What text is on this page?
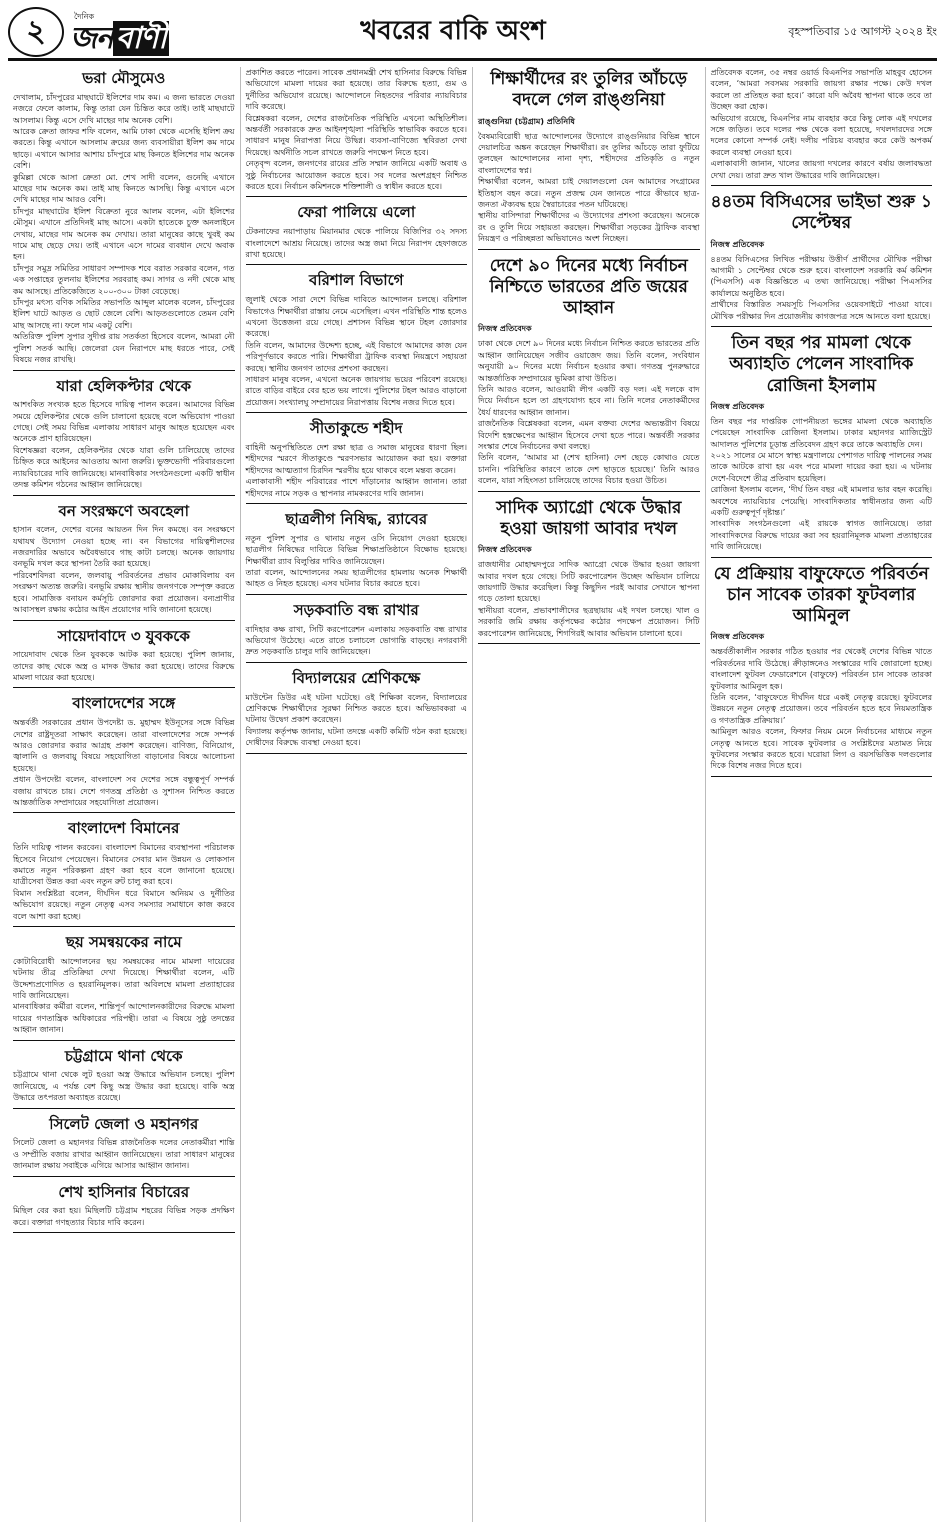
২	দৈনিক
জন বাণী	খবরের বাকি অংশ	বৃহস্পতিবার ১৫ আগস্ট ২০২৪ ইং
ভরা মৌসুমেও

দেখালাম, চাঁদপুরের মাছঘাটে ইলিশের দাম কম। এ জন্য ভারতে দেওয়া নজরে ফেলে কালাম, কিন্তু তারা যেন চিন্তিত করে তাই। তাই মাছঘাটে আসলাম। কিন্তু এসে দেখি মাছের দাম অনেক বেশি।
আরেক ক্রেতা জাফর শফি বলেন, আমি ঢাকা থেকে এসেছি ইলিশ ক্রয় করতে। কিন্তু এখানে আসলাম ক্রয়ের জন্য ব্যবসায়ীরা ইলিশ কম দামে ছাড়ে। এখানে আসার আশায় চাঁদপুরে মাছ কিনতে ইলিশের দাম অনেক বেশি।
কুমিল্লা থেকে আসা ক্রেতা মো. শেখ সাদী বলেন, গুনেছি এখানে মাছের দাম অনেক কম। তাই মাছ কিনতে আসছি। কিন্তু এখানে এসে দেখি মাছের দাম আরও বেশি।
চাঁদপুর মাছঘাটের ইলিশ বিক্রেতা নুরে আলম বলেন, এটা ইলিশের মৌসুম। এখানে প্রতিদিনই মাছ আসে। একটা হাতেকে চুক্ত অনলাইনে দেখায়, মাছের দাম অনেক কম দেখায়। তারা মানুষের কাছে খুবই কম দামে মাছ ছেড়ে দেয়। তাই এখানে এসে দামের ব্যবধান দেখে অবাক হন।
চাঁদপুর সমুদ্র সমিতির সাধারণ সম্পাদক শবে বরাত সরকার বলেন, গত এক সপ্তাহের তুলনায় ইলিশের সরবরাহ কম। সাগর ও নদী থেকে মাছ কম আসছে। প্রতিকেজিতে ২০০-৩০০ টাকা বেড়েছে।
চাঁদপুর মৎস্য বণিক সমিতির সভাপতি আব্দুল মালেক বলেন, চাঁদপুরের ইলিশ ঘাটে আড়ত ও ছোট জেলে বেশি। আড়তগুলোতে তেমন বেশি মাছ আসছে না। ফলে দাম একটু বেশি।
অতিরিক্ত পুলিশ সুপার সুদীপ্ত রায় সতর্কতা হিসেবে বলেন, আমরা নৌ পুলিশ সতর্ক আছি। জেলেরা যেন নিরাপদে মাছ ধরতে পারে, সেই বিষয়ে নজর রাখছি।

যারা হেলিকপ্টার থেকে

আশংকিত সংখ্যক হতে হিসেবে দায়িত্ব পালন করেন। আমাদের বিভিন্ন সময়ে হেলিকপ্টার থেকে গুলি চালানো হয়েছে বলে অভিযোগ পাওয়া গেছে। সেই সময় বিভিন্ন এলাকায় সাধারণ মানুষ আহত হয়েছেন এবং অনেকে প্রাণ হারিয়েছেন।
বিশেষজ্ঞরা বলেন, হেলিকপ্টার থেকে যারা গুলি চালিয়েছে তাদের চিহ্নিত করে আইনের আওতায় আনা জরুরি। ভুক্তভোগী পরিবারগুলো ন্যায়বিচারের দাবি জানিয়েছে। মানবাধিকার সংগঠনগুলো একটি স্বাধীন তদন্ত কমিশন গঠনের আহ্বান জানিয়েছে।

বন সংরক্ষণে অবহেলা

হাসান বলেন, দেশের বনের আয়তন দিন দিন কমছে। বন সংরক্ষণে যথাযথ উদ্যোগ নেওয়া হচ্ছে না। বন বিভাগের দায়িত্বশীলদের নজরদারির অভাবে অবৈধভাবে গাছ কাটা চলছে। অনেক জায়গায় বনভূমি দখল করে স্থাপনা তৈরি করা হয়েছে।
পরিবেশবিদরা বলেন, জলবায়ু পরিবর্তনের প্রভাব মোকাবিলায় বন সংরক্ষণ অত্যন্ত জরুরি। বনভূমি রক্ষায় স্থানীয় জনগণকে সম্পৃক্ত করতে হবে। সামাজিক বনায়ন কর্মসূচি জোরদার করা প্রয়োজন। বন্যপ্রাণীর আবাসস্থল রক্ষায় কঠোর আইন প্রয়োগের দাবি জানানো হয়েছে।

সায়েদাবাদে ৩ যুবককে

সায়েদাবাদ থেকে তিন যুবককে আটক করা হয়েছে। পুলিশ জানায়, তাদের কাছ থেকে অস্ত্র ও মাদক উদ্ধার করা হয়েছে। তাদের বিরুদ্ধে মামলা দায়ের করা হয়েছে।

বাংলাদেশের সঙ্গে

অন্তর্বর্তী সরকারের প্রধান উপদেষ্টা ড. মুহাম্মদ ইউনূসের সঙ্গে বিভিন্ন দেশের রাষ্ট্রদূতরা সাক্ষাৎ করেছেন। তারা বাংলাদেশের সঙ্গে সম্পর্ক আরও জোরদার করার আগ্রহ প্রকাশ করেছেন। বাণিজ্য, বিনিয়োগ, জ্বালানি ও জলবায়ু বিষয়ে সহযোগিতা বাড়ানোর বিষয়ে আলোচনা হয়েছে।
প্রধান উপদেষ্টা বলেন, বাংলাদেশ সব দেশের সঙ্গে বন্ধুত্বপূর্ণ সম্পর্ক বজায় রাখতে চায়। দেশে গণতন্ত্র প্রতিষ্ঠা ও সুশাসন নিশ্চিত করতে আন্তর্জাতিক সম্প্রদায়ের সহযোগিতা প্রয়োজন।

বাংলাদেশ বিমানের

তিনি দায়িত্ব পালন করবেন। বাংলাদেশ বিমানের ব্যবস্থাপনা পরিচালক হিসেবে নিয়োগ পেয়েছেন। বিমানের সেবার মান উন্নয়ন ও লোকসান কমাতে নতুন পরিকল্পনা গ্রহণ করা হবে বলে জানানো হয়েছে। যাত্রীসেবা উন্নত করা এবং নতুন রুট চালু করা হবে।
বিমান সংশ্লিষ্টরা বলেন, দীর্ঘদিন ধরে বিমানে অনিয়ম ও দুর্নীতির অভিযোগ রয়েছে। নতুন নেতৃত্ব এসব সমস্যার সমাধানে কাজ করবে বলে আশা করা হচ্ছে।

ছয় সমন্বয়কের নামে

কোটাবিরোধী আন্দোলনের ছয় সমন্বয়কের নামে মামলা দায়েরের ঘটনায় তীব্র প্রতিক্রিয়া দেখা দিয়েছে। শিক্ষার্থীরা বলেন, এটি উদ্দেশ্যপ্রণোদিত ও হয়রানিমূলক। তারা অবিলম্বে মামলা প্রত্যাহারের দাবি জানিয়েছেন।
মানবাধিকার কর্মীরা বলেন, শান্তিপূর্ণ আন্দোলনকারীদের বিরুদ্ধে মামলা দায়ের গণতান্ত্রিক অধিকারের পরিপন্থী। তারা এ বিষয়ে সুষ্ঠু তদন্তের আহ্বান জানান।

চট্টগ্রামে থানা থেকে

চট্টগ্রামে থানা থেকে লুট হওয়া অস্ত্র উদ্ধারে অভিযান চলছে। পুলিশ জানিয়েছে, এ পর্যন্ত বেশ কিছু অস্ত্র উদ্ধার করা হয়েছে। বাকি অস্ত্র উদ্ধারে তৎপরতা অব্যাহত রয়েছে।

সিলেট জেলা ও মহানগর

সিলেট জেলা ও মহানগর বিভিন্ন রাজনৈতিক দলের নেতাকর্মীরা শান্তি ও সম্প্রীতি বজায় রাখার আহ্বান জানিয়েছেন। তারা সাধারণ মানুষের জানমাল রক্ষায় সবাইকে এগিয়ে আসার আহ্বান জানান।

শেখ হাসিনার বিচারের

মিছিল বের করা হয়। মিছিলটি চট্টগ্রাম শহরের বিভিন্ন সড়ক প্রদক্ষিণ করে। বক্তারা গণহত্যার বিচার দাবি করেন।

প্রকাশিত করতে পারেন। সাবেক প্রধানমন্ত্রী শেখ হাসিনার বিরুদ্ধে বিভিন্ন অভিযোগে মামলা দায়ের করা হয়েছে। তার বিরুদ্ধে হত্যা, গুম ও দুর্নীতির অভিযোগ রয়েছে। আন্দোলনে নিহতদের পরিবার ন্যায়বিচার দাবি করেছে।
বিশ্লেষকরা বলেন, দেশের রাজনৈতিক পরিস্থিতি এখনো অস্থিতিশীল। অন্তর্বর্তী সরকারকে দ্রুত আইনশৃঙ্খলা পরিস্থিতি স্বাভাবিক করতে হবে। সাধারণ মানুষ নিরাপত্তা নিয়ে উদ্বিগ্ন। ব্যবসা-বাণিজ্যে স্থবিরতা দেখা দিয়েছে। অর্থনীতি সচল রাখতে জরুরি পদক্ষেপ নিতে হবে।
নেতৃবৃন্দ বলেন, জনগণের রায়ের প্রতি সম্মান জানিয়ে একটি অবাধ ও সুষ্ঠু নির্বাচনের আয়োজন করতে হবে। সব দলের অংশগ্রহণ নিশ্চিত করতে হবে। নির্বাচন কমিশনকে শক্তিশালী ও স্বাধীন করতে হবে।

ফেরা পালিয়ে এলো

টেকনাফের নয়াপাড়ায় মিয়ানমার থেকে পালিয়ে বিজিপির ৩২ সদস্য বাংলাদেশে আশ্রয় নিয়েছে। তাদের অস্ত্র জমা নিয়ে নিরাপদ হেফাজতে রাখা হয়েছে।

বরিশাল বিভাগে

জুলাই থেকে সারা দেশে বিভিন্ন দাবিতে আন্দোলন চলছে। বরিশাল বিভাগেও শিক্ষার্থীরা রাস্তায় নেমে এসেছিল। এখন পরিস্থিতি শান্ত হলেও এখনো উত্তেজনা রয়ে গেছে। প্রশাসন বিভিন্ন স্থানে টহল জোরদার করেছে।
তিনি বলেন, আমাদের উদ্দেশ্য হচ্ছে, এই বিভাগে আমাদের কাজ যেন পরিপূর্ণভাবে করতে পারি। শিক্ষার্থীরা ট্রাফিক ব্যবস্থা নিয়ন্ত্রণে সহায়তা করছে। স্থানীয় জনগণ তাদের প্রশংসা করছেন।
সাধারণ মানুষ বলেন, এখনো অনেক জায়গায় ভয়ের পরিবেশ রয়েছে। রাতে বাড়ির বাইরে বের হতে ভয় লাগে। পুলিশের টহল আরও বাড়ানো প্রয়োজন। সংখ্যালঘু সম্প্রদায়ের নিরাপত্তায় বিশেষ নজর দিতে হবে।

সীতাকুন্ডে শহীদ

বাহিনী অনুপস্থিতিতে দেশ রক্ষা ছাত্র ও সমাজ মানুষের ধারণা ছিল। শহীদদের স্মরণে সীতাকুণ্ডে স্মরণসভার আয়োজন করা হয়। বক্তারা শহীদদের আত্মত্যাগ চিরদিন স্মরণীয় হয়ে থাকবে বলে মন্তব্য করেন।
এলাকাবাসী শহীদ পরিবারের পাশে দাঁড়ানোর আহ্বান জানান। তারা শহীদদের নামে সড়ক ও স্থাপনার নামকরণের দাবি জানান।

ছাত্রলীগ নিষিদ্ধ, র‍্যাবের

নতুন পুলিশ সুপার ও থানায় নতুন ওসি নিয়োগ দেওয়া হয়েছে। ছাত্রলীগ নিষিদ্ধের দাবিতে বিভিন্ন শিক্ষাপ্রতিষ্ঠানে বিক্ষোভ হয়েছে। শিক্ষার্থীরা র‍্যাব বিলুপ্তির দাবিও জানিয়েছেন।
তারা বলেন, আন্দোলনের সময় ছাত্রলীগের হামলায় অনেক শিক্ষার্থী আহত ও নিহত হয়েছে। এসব ঘটনার বিচার করতে হবে।

সড়কবাতি বন্ধ রাখার

বাদিহার কক্ষ রাখা, সিটি করপোরেশন এলাকায় সড়কবাতি বন্ধ রাখার অভিযোগ উঠেছে। এতে রাতে চলাচলে ভোগান্তি বাড়ছে। নগরবাসী দ্রুত সড়কবাতি চালুর দাবি জানিয়েছেন।

বিদ্যালয়ের শ্রেণিকক্ষে

মাউন্টেন ডিউর এই ঘটনা ঘটেছে। ওই শিক্ষিকা বলেন, বিদ্যালয়ের শ্রেণিকক্ষে শিক্ষার্থীদের সুরক্ষা নিশ্চিত করতে হবে। অভিভাবকরা এ ঘটনায় উদ্বেগ প্রকাশ করেছেন।
বিদ্যালয় কর্তৃপক্ষ জানায়, ঘটনা তদন্তে একটি কমিটি গঠন করা হয়েছে। দোষীদের বিরুদ্ধে ব্যবস্থা নেওয়া হবে।

শিক্ষার্থীদের রং তুলির আঁচড়ে বদলে গেল রাঙ্গুনিয়া
রাঙ্গুনিয়া (চট্টগ্রাম) প্রতিনিধি

বৈষম্যবিরোধী ছাত্র আন্দোলনের উদ্যোগে রাঙ্গুনিয়ার বিভিন্ন স্থানে দেয়ালচিত্র অঙ্কন করেছেন শিক্ষার্থীরা। রং তুলির আঁচড়ে তারা ফুটিয়ে তুলছেন আন্দোলনের নানা দৃশ্য, শহীদদের প্রতিকৃতি ও নতুন বাংলাদেশের স্বপ্ন।
শিক্ষার্থীরা বলেন, আমরা চাই দেয়ালগুলো যেন আমাদের সংগ্রামের ইতিহাস বহন করে। নতুন প্রজন্ম যেন জানতে পারে কীভাবে ছাত্র-জনতা ঐক্যবদ্ধ হয়ে স্বৈরাচারের পতন ঘটিয়েছে।
স্থানীয় বাসিন্দারা শিক্ষার্থীদের এ উদ্যোগের প্রশংসা করেছেন। অনেকে রং ও তুলি দিয়ে সহায়তা করছেন। শিক্ষার্থীরা সড়কের ট্রাফিক ব্যবস্থা নিয়ন্ত্রণ ও পরিচ্ছন্নতা অভিযানেও অংশ নিচ্ছেন।

দেশে ৯০ দিনের মধ্যে নির্বাচন নিশ্চিতে ভারতের প্রতি জয়ের আহ্বান
নিজস্ব প্রতিবেদক

ঢাকা থেকে দেশে ৯০ দিনের মধ্যে নির্বাচন নিশ্চিত করতে ভারতের প্রতি আহ্বান জানিয়েছেন সজীব ওয়াজেদ জয়। তিনি বলেন, সংবিধান অনুযায়ী ৯০ দিনের মধ্যে নির্বাচন হওয়ার কথা। গণতন্ত্র পুনরুদ্ধারে আন্তর্জাতিক সম্প্রদায়ের ভূমিকা রাখা উচিত।
তিনি আরও বলেন, আওয়ামী লীগ একটি বড় দল। এই দলকে বাদ দিয়ে নির্বাচন হলে তা গ্রহণযোগ্য হবে না। তিনি দলের নেতাকর্মীদের ধৈর্য ধারণের আহ্বান জানান।
রাজনৈতিক বিশ্লেষকরা বলেন, এমন বক্তব্য দেশের অভ্যন্তরীণ বিষয়ে বিদেশি হস্তক্ষেপের আহ্বান হিসেবে দেখা হতে পারে। অন্তর্বর্তী সরকার সংস্কার শেষে নির্বাচনের কথা বলছে।
তিনি বলেন, ‘আমার মা (শেখ হাসিনা) দেশ ছেড়ে কোথাও যেতে চাননি। পরিস্থিতির কারণে তাকে দেশ ছাড়তে হয়েছে।’ তিনি আরও বলেন, যারা সহিংসতা চালিয়েছে তাদের বিচার হওয়া উচিত।

সাদিক অ্যাগ্রো থেকে উদ্ধার হওয়া জায়গা আবার দখল
নিজস্ব প্রতিবেদক

রাজধানীর মোহাম্মদপুরে সাদিক অ্যাগ্রো থেকে উদ্ধার হওয়া জায়গা আবার দখল হয়ে গেছে। সিটি করপোরেশন উচ্ছেদ অভিযান চালিয়ে জায়গাটি উদ্ধার করেছিল। কিন্তু কিছুদিন পরই আবার সেখানে স্থাপনা গড়ে তোলা হয়েছে।
স্থানীয়রা বলেন, প্রভাবশালীদের ছত্রছায়ায় এই দখল চলছে। খাল ও সরকারি জমি রক্ষায় কর্তৃপক্ষের কঠোর পদক্ষেপ প্রয়োজন। সিটি করপোরেশন জানিয়েছে, শিগগিরই আবার অভিযান চালানো হবে।

প্রতিবেদক বলেন, ৩৫ নম্বর ওয়ার্ড বিএনপির সভাপতি মাহবুব হোসেন বলেন, ‘আমরা সবসময় সরকারি জায়গা রক্ষার পক্ষে। কেউ দখল করলে তা প্রতিহত করা হবে।’ কারো যদি অবৈধ স্থাপনা থাকে তবে তা উচ্ছেদ করা হোক।
অভিযোগ রয়েছে, বিএনপির নাম ব্যবহার করে কিছু লোক এই দখলের সঙ্গে জড়িত। তবে দলের পক্ষ থেকে বলা হয়েছে, দখলদারদের সঙ্গে দলের কোনো সম্পর্ক নেই। দলীয় পরিচয় ব্যবহার করে কেউ অপকর্ম করলে ব্যবস্থা নেওয়া হবে।
এলাকাবাসী জানান, খালের জায়গা দখলের কারণে বর্ষায় জলাবদ্ধতা দেখা দেয়। তারা দ্রুত খাল উদ্ধারের দাবি জানিয়েছেন।

৪৪তম বিসিএসের ভাইভা শুরু ১ সেপ্টেম্বর
নিজস্ব প্রতিবেদক

৪৪তম বিসিএসের লিখিত পরীক্ষায় উত্তীর্ণ প্রার্থীদের মৌখিক পরীক্ষা আগামী ১ সেপ্টেম্বর থেকে শুরু হবে। বাংলাদেশ সরকারি কর্ম কমিশন (পিএসসি) এক বিজ্ঞপ্তিতে এ তথ্য জানিয়েছে। পরীক্ষা পিএসসির কার্যালয়ে অনুষ্ঠিত হবে।
প্রার্থীদের বিস্তারিত সময়সূচি পিএসসির ওয়েবসাইটে পাওয়া যাবে। মৌখিক পরীক্ষার দিন প্রয়োজনীয় কাগজপত্র সঙ্গে আনতে বলা হয়েছে।

তিন বছর পর মামলা থেকে অব্যাহতি পেলেন সাংবাদিক রোজিনা ইসলাম
নিজস্ব প্রতিবেদক

তিন বছর পর দাপ্তরিক গোপনীয়তা ভঙ্গের মামলা থেকে অব্যাহতি পেয়েছেন সাংবাদিক রোজিনা ইসলাম। ঢাকার মহানগর ম্যাজিস্ট্রেট আদালত পুলিশের চূড়ান্ত প্রতিবেদন গ্রহণ করে তাকে অব্যাহতি দেন।
২০২১ সালের মে মাসে স্বাস্থ্য মন্ত্রণালয়ে পেশাগত দায়িত্ব পালনের সময় তাকে আটকে রাখা হয় এবং পরে মামলা দায়ের করা হয়। এ ঘটনায় দেশে-বিদেশে তীব্র প্রতিবাদ হয়েছিল।
রোজিনা ইসলাম বলেন, ‘দীর্ঘ তিন বছর এই মামলার ভার বহন করেছি। অবশেষে ন্যায়বিচার পেয়েছি। সাংবাদিকতার স্বাধীনতার জন্য এটি একটি গুরুত্বপূর্ণ দৃষ্টান্ত।’
সাংবাদিক সংগঠনগুলো এই রায়কে স্বাগত জানিয়েছে। তারা সাংবাদিকদের বিরুদ্ধে দায়ের করা সব হয়রানিমূলক মামলা প্রত্যাহারের দাবি জানিয়েছে।

যে প্রক্রিয়ায় বাফুফেতে পরিবর্তন চান সাবেক তারকা ফুটবলার আমিনুল
নিজস্ব প্রতিবেদক

অন্তর্বর্তীকালীন সরকার গঠিত হওয়ার পর থেকেই দেশের বিভিন্ন খাতে পরিবর্তনের দাবি উঠেছে। ক্রীড়াঙ্গনেও সংস্কারের দাবি জোরালো হচ্ছে। বাংলাদেশ ফুটবল ফেডারেশনে (বাফুফে) পরিবর্তন চান সাবেক তারকা ফুটবলার আমিনুল হক।
তিনি বলেন, ‘বাফুফেতে দীর্ঘদিন ধরে একই নেতৃত্ব রয়েছে। ফুটবলের উন্নয়নে নতুন নেতৃত্ব প্রয়োজন। তবে পরিবর্তন হতে হবে নিয়মতান্ত্রিক ও গণতান্ত্রিক প্রক্রিয়ায়।’
আমিনুল আরও বলেন, ফিফার নিয়ম মেনে নির্বাচনের মাধ্যমে নতুন নেতৃত্ব আনতে হবে। সাবেক ফুটবলার ও সংশ্লিষ্টদের মতামত নিয়ে ফুটবলের সংস্কার করতে হবে। ঘরোয়া লিগ ও বয়সভিত্তিক দলগুলোর দিকে বিশেষ নজর দিতে হবে।
